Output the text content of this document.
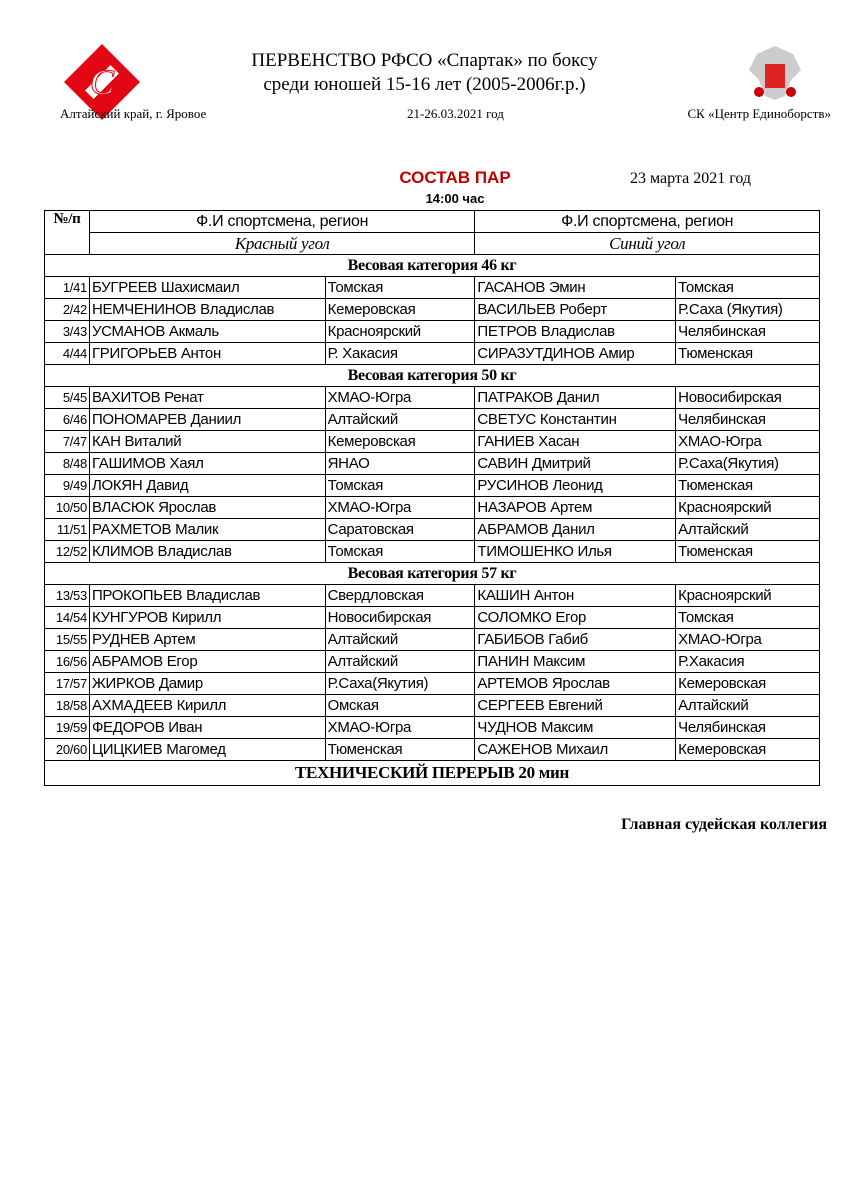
C
ПЕРВЕНСТВО РФСО «Спартак» по боксу
среди юношей 15-16 лет (2005-2006г.р.)
Алтайский край, г. Яровое	21-26.03.2021 год	СК «Центр Единоборств»
СОСТАВ ПАР
14:00 час
23 марта 2021 год
№/п	Ф.И спортсмена, регион		Ф.И спортсмена, регион	
	Красный угол		Синий угол	
Весовая категория 46 кг				
1/41	БУГРЕЕВ Шахисмаил	Томская	ГАСАНОВ Эмин	Томская
2/42	НЕМЧЕНИНОВ Владислав	Кемеровская	ВАСИЛЬЕВ Роберт	Р.Саха (Якутия)
3/43	УСМАНОВ Акмаль	Красноярский	ПЕТРОВ Владислав	Челябинская
4/44	ГРИГОРЬЕВ Антон	Р. Хакасия	СИРАЗУТДИНОВ Амир	Тюменская
Весовая категория 50 кг				
5/45	ВАХИТОВ Ренат	ХМАО-Югра	ПАТРАКОВ Данил	Новосибирская
6/46	ПОНОМАРЕВ Даниил	Алтайский	СВЕТУС Константин	Челябинская
7/47	КАН Виталий	Кемеровская	ГАНИЕВ Хасан	ХМАО-Югра
8/48	ГАШИМОВ Хаял	ЯНАО	САВИН Дмитрий	Р.Саха(Якутия)
9/49	ЛОКЯН Давид	Томская	РУСИНОВ Леонид	Тюменская
10/50	ВЛАСЮК Ярослав	ХМАО-Югра	НАЗАРОВ Артем	Красноярский
11/51	РАХМЕТОВ Малик	Саратовская	АБРАМОВ Данил	Алтайский
12/52	КЛИМОВ Владислав	Томская	ТИМОШЕНКО Илья	Тюменская
Весовая категория 57 кг				
13/53	ПРОКОПЬЕВ Владислав	Свердловская	КАШИН Антон	Красноярский
14/54	КУНГУРОВ Кирилл	Новосибирская	СОЛОМКО Егор	Томская
15/55	РУДНЕВ Артем	Алтайский	ГАБИБОВ Габиб	ХМАО-Югра
16/56	АБРАМОВ Егор	Алтайский	ПАНИН Максим	Р.Хакасия
17/57	ЖИРКОВ Дамир	Р.Саха(Якутия)	АРТЕМОВ Ярослав	Кемеровская
18/58	АХМАДЕЕВ Кирилл	Омская	СЕРГЕЕВ Евгений	Алтайский
19/59	ФЕДОРОВ Иван	ХМАО-Югра	ЧУДНОВ Максим	Челябинская
20/60	ЦИЦКИЕВ Магомед	Тюменская	САЖЕНОВ Михаил	Кемеровская
ТЕХНИЧЕСКИЙ ПЕРЕРЫВ 20 мин				
Главная судейская коллегия
